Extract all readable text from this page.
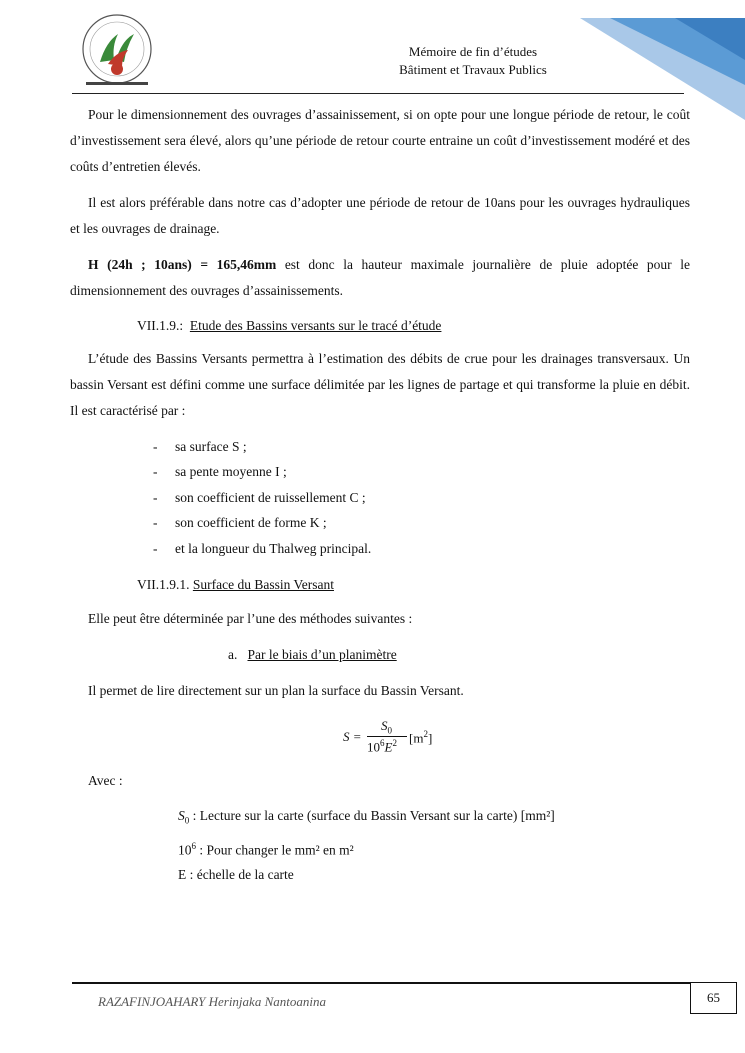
Mémoire de fin d’études
Bâtiment et Travaux Publics
Pour le dimensionnement des ouvrages d’assainissement, si on opte pour une longue période de retour, le coût d’investissement sera élevé, alors qu’une période de retour courte entraine un coût d’investissement modéré et des coûts d’entretien élevés.
Il est alors préférable dans notre cas d’adopter une période de retour de 10ans pour les ouvrages hydrauliques et les ouvrages de drainage.
H (24h ; 10ans) = 165,46mm est donc la hauteur maximale journalière de pluie adoptée pour le dimensionnement des ouvrages d’assainissements.
VII.1.9.: Etude des Bassins versants sur le tracé d’étude
L’étude des Bassins Versants permettra à l’estimation des débits de crue pour les drainages transversaux. Un bassin Versant est défini comme une surface délimitée par les lignes de partage et qui transforme la pluie en débit. Il est caractérisé par :
- sa surface S ;
- sa pente moyenne I ;
- son coefficient de ruissellement C ;
- son coefficient de forme K ;
- et la longueur du Thalweg principal.
VII.1.9.1. Surface du Bassin Versant
Elle peut être déterminée par l’une des méthodes suivantes :
a. Par le biais d’un planimètre
Il permet de lire directement sur un plan la surface du Bassin Versant.
S =
$S_0$
$10^6E^2$ $[m^2]$
Avec :
$S_0$ : Lecture sur la carte (surface du Bassin Versant sur la carte) [mm²]
$10^6$ : Pour changer le mm² en m²
E : échelle de la carte
RAZAFINJOAHARY Herinjaka Nantoanina	65
